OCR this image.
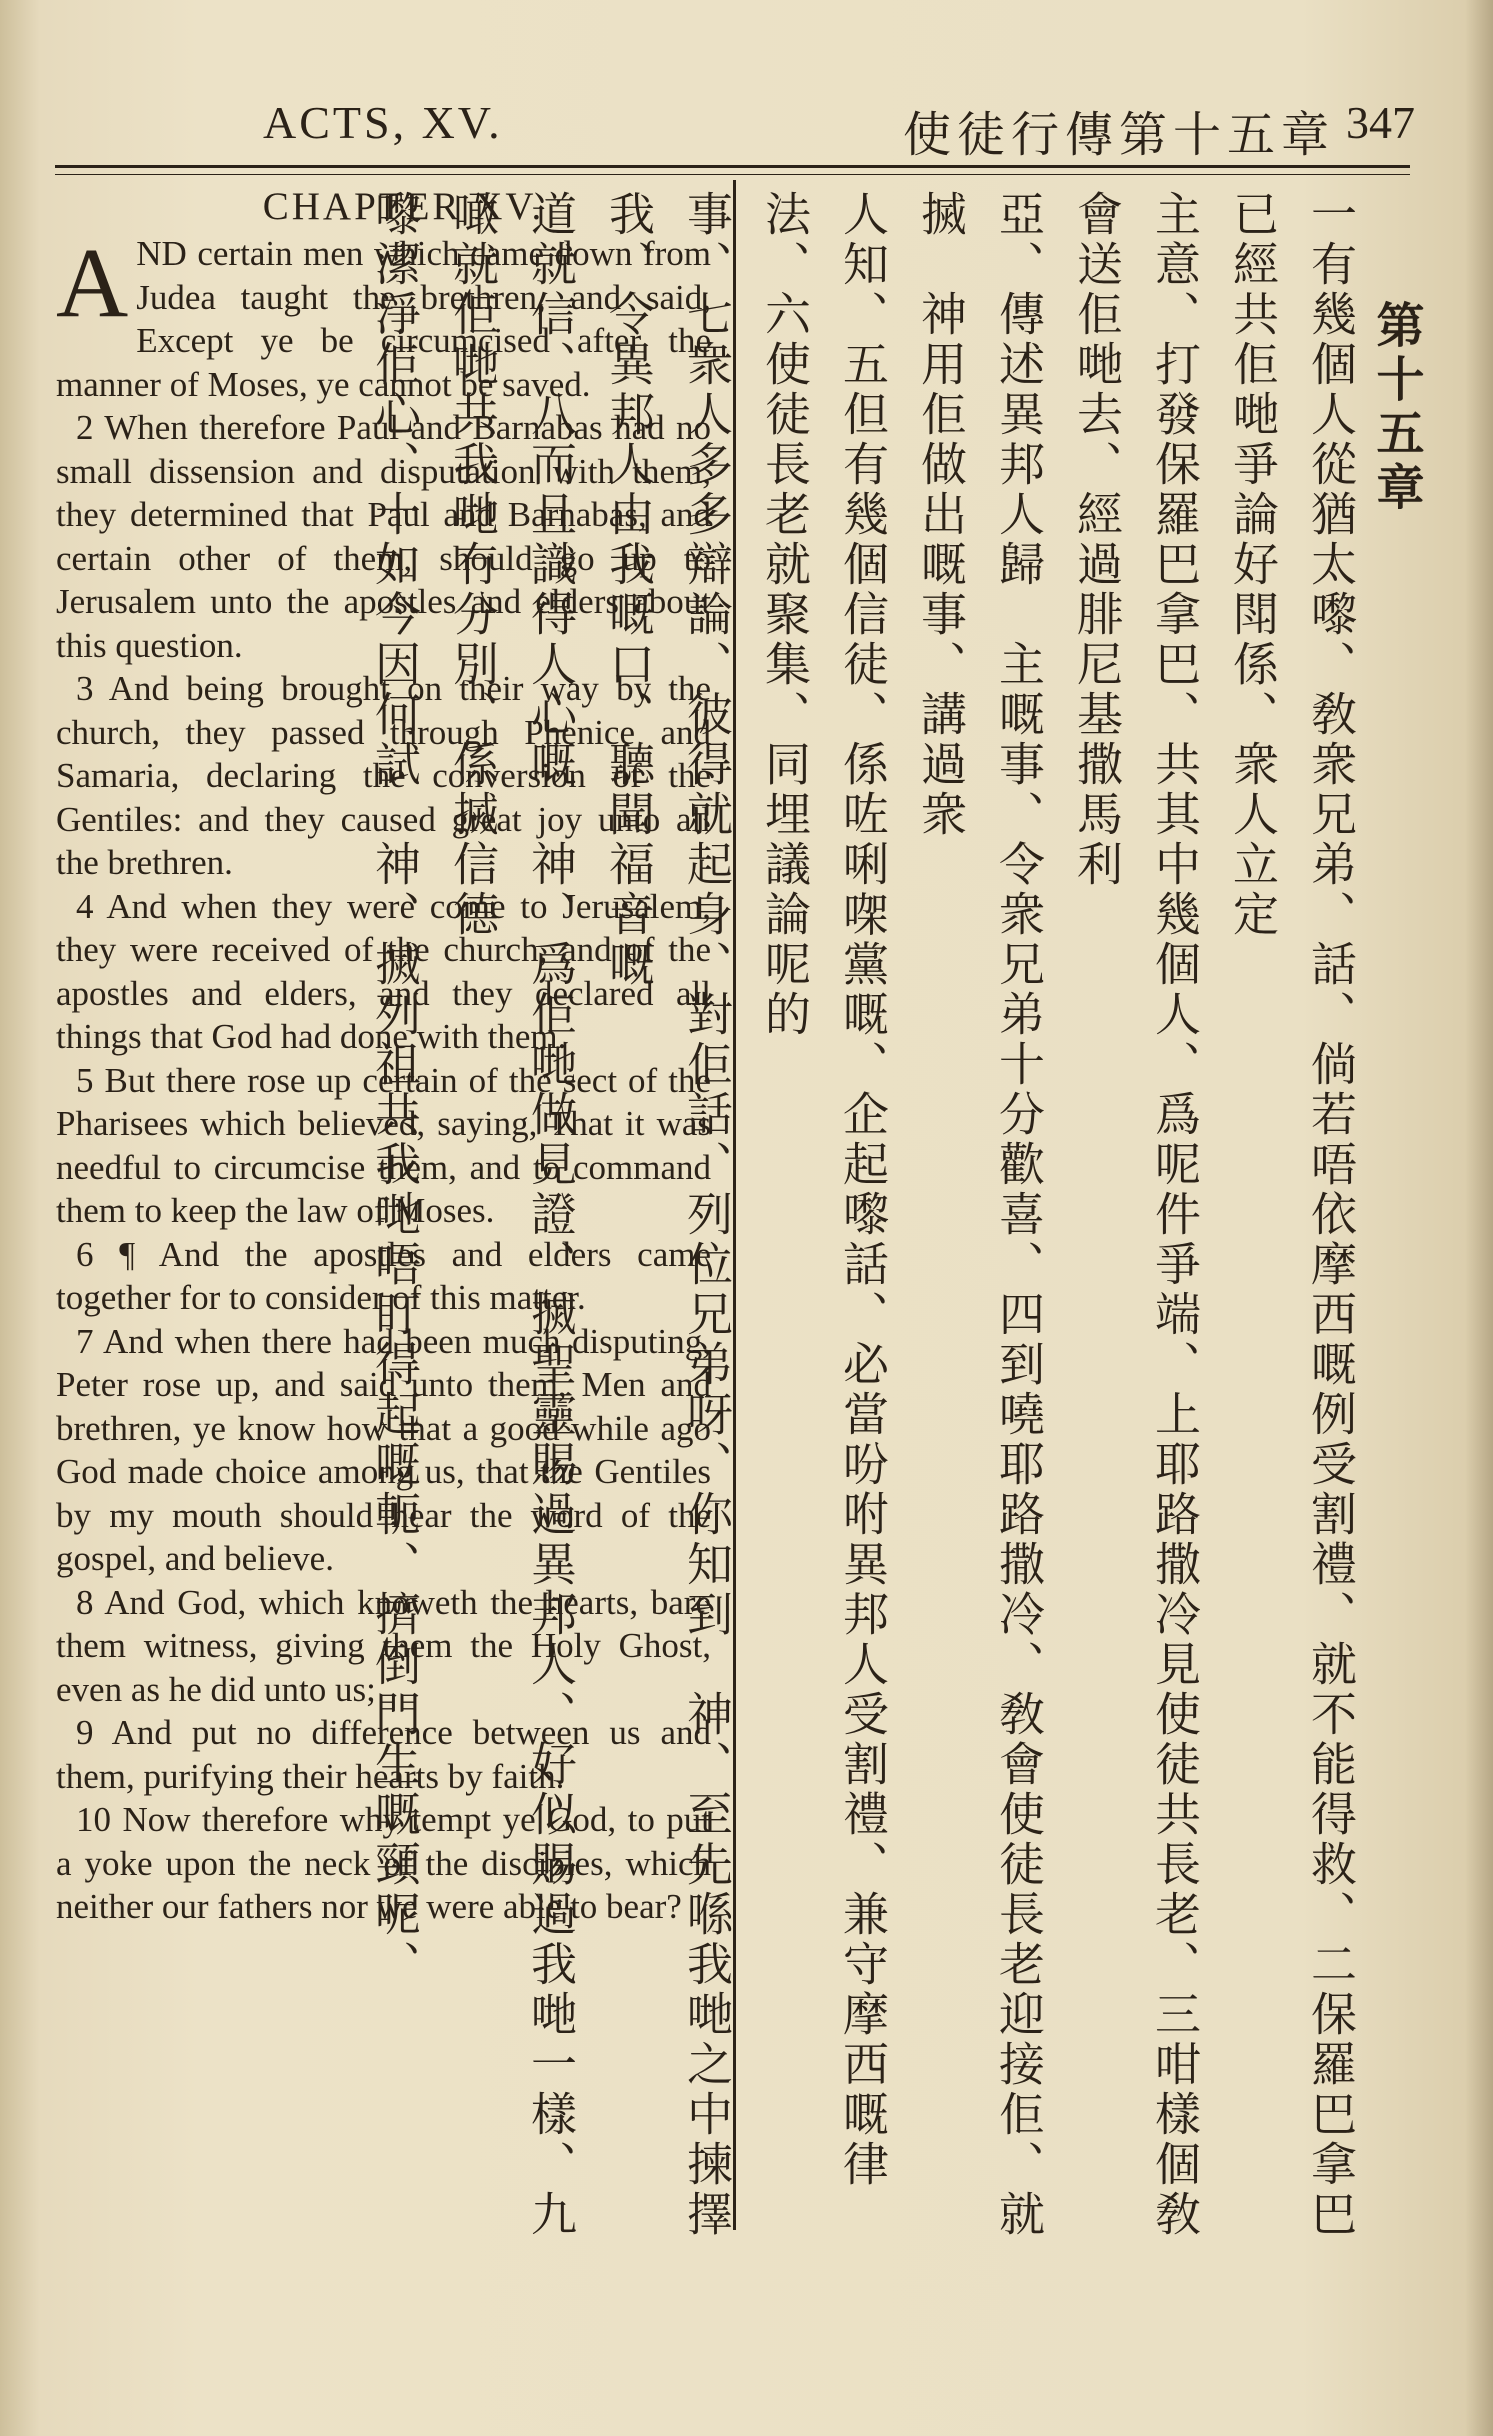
ACTS, XV.	使徒行傳第十五章 347
CHAPTER XV.

AND certain men which came down from Judea taught the brethren, and said, Except ye be circumcised after the manner of Moses, ye cannot be saved.

2 When therefore Paul and Barnabas had no small dissension and disputation with them, they determined that Paul and Barnabas, and certain other of them, should go up to Jerusalem unto the apostles and elders about this question.

3 And being brought on their way by the church, they passed through Phenice and Samaria, declaring the conversion of the Gentiles: and they caused great joy unto all the brethren.

4 And when they were come to Jerusalem, they were received of the church, and of the apostles and elders, and they declared all things that God had done with them.

5 But there rose up certain of the sect of the Pharisees which believed, saying, That it was needful to circumcise them, and to command them to keep the law of Moses.

6 ¶ And the apostles and elders came together for to consider of this matter.

7 And when there had been much disputing, Peter rose up, and said unto them, Men and brethren, ye know how that a good while ago God made choice among us, that the Gentiles by my mouth should hear the word of the gospel, and believe.

8 And God, which knoweth the hearts, bare them witness, giving them the Holy Ghost, even as he did unto us;

9 And put no difference between us and them, purifying their hearts by faith.

10 Now therefore why tempt ye God, to put a yoke upon the neck of the disciples, which neither our fathers nor we were able to bear?

第十五章
一有幾個人從猶太嚟、敎衆兄弟、話、倘若唔依摩西嘅例受割禮、就不能得救、二保羅巴拿巴已經共佢哋爭論好閗係、衆人立定
主意、打發保羅巴拿巴、共其中幾個人、爲呢件爭端、上耶路撒冷見使徒共長老、三咁樣個敎會送佢哋去、經過腓尼基撒馬利
亞、傳述異邦人歸　主嘅事、令衆兄弟十分歡喜、四到嘵耶路撒冷、敎會使徒長老迎接佢、就搣　神用佢做出嘅事、講過衆
人知、五但有幾個信徒、係咗唎㗎黨嘅、企起嚟話、必當吩咐異邦人受割禮、兼守摩西嘅律法、六使徒長老就聚集、同埋議論呢的
事、七衆人多多辯論、彼得就起身、對佢話、列位兄弟呀、你知到　神、至先喺我哋之中揀擇我、令異邦人由我嘅口、聽聞福音嘅
道就信、八而且識得人心嘅　神、爲佢哋做見證、搣聖靈賜過異邦人、好似賜過我哋一樣、九噉就佢哋共我哋冇分別、係搣信德
嚟潔淨佢心、十如今因何試　神、搣列祖共我哋唔盯得起嘅軛、擠倒門生嘅頸呢、
